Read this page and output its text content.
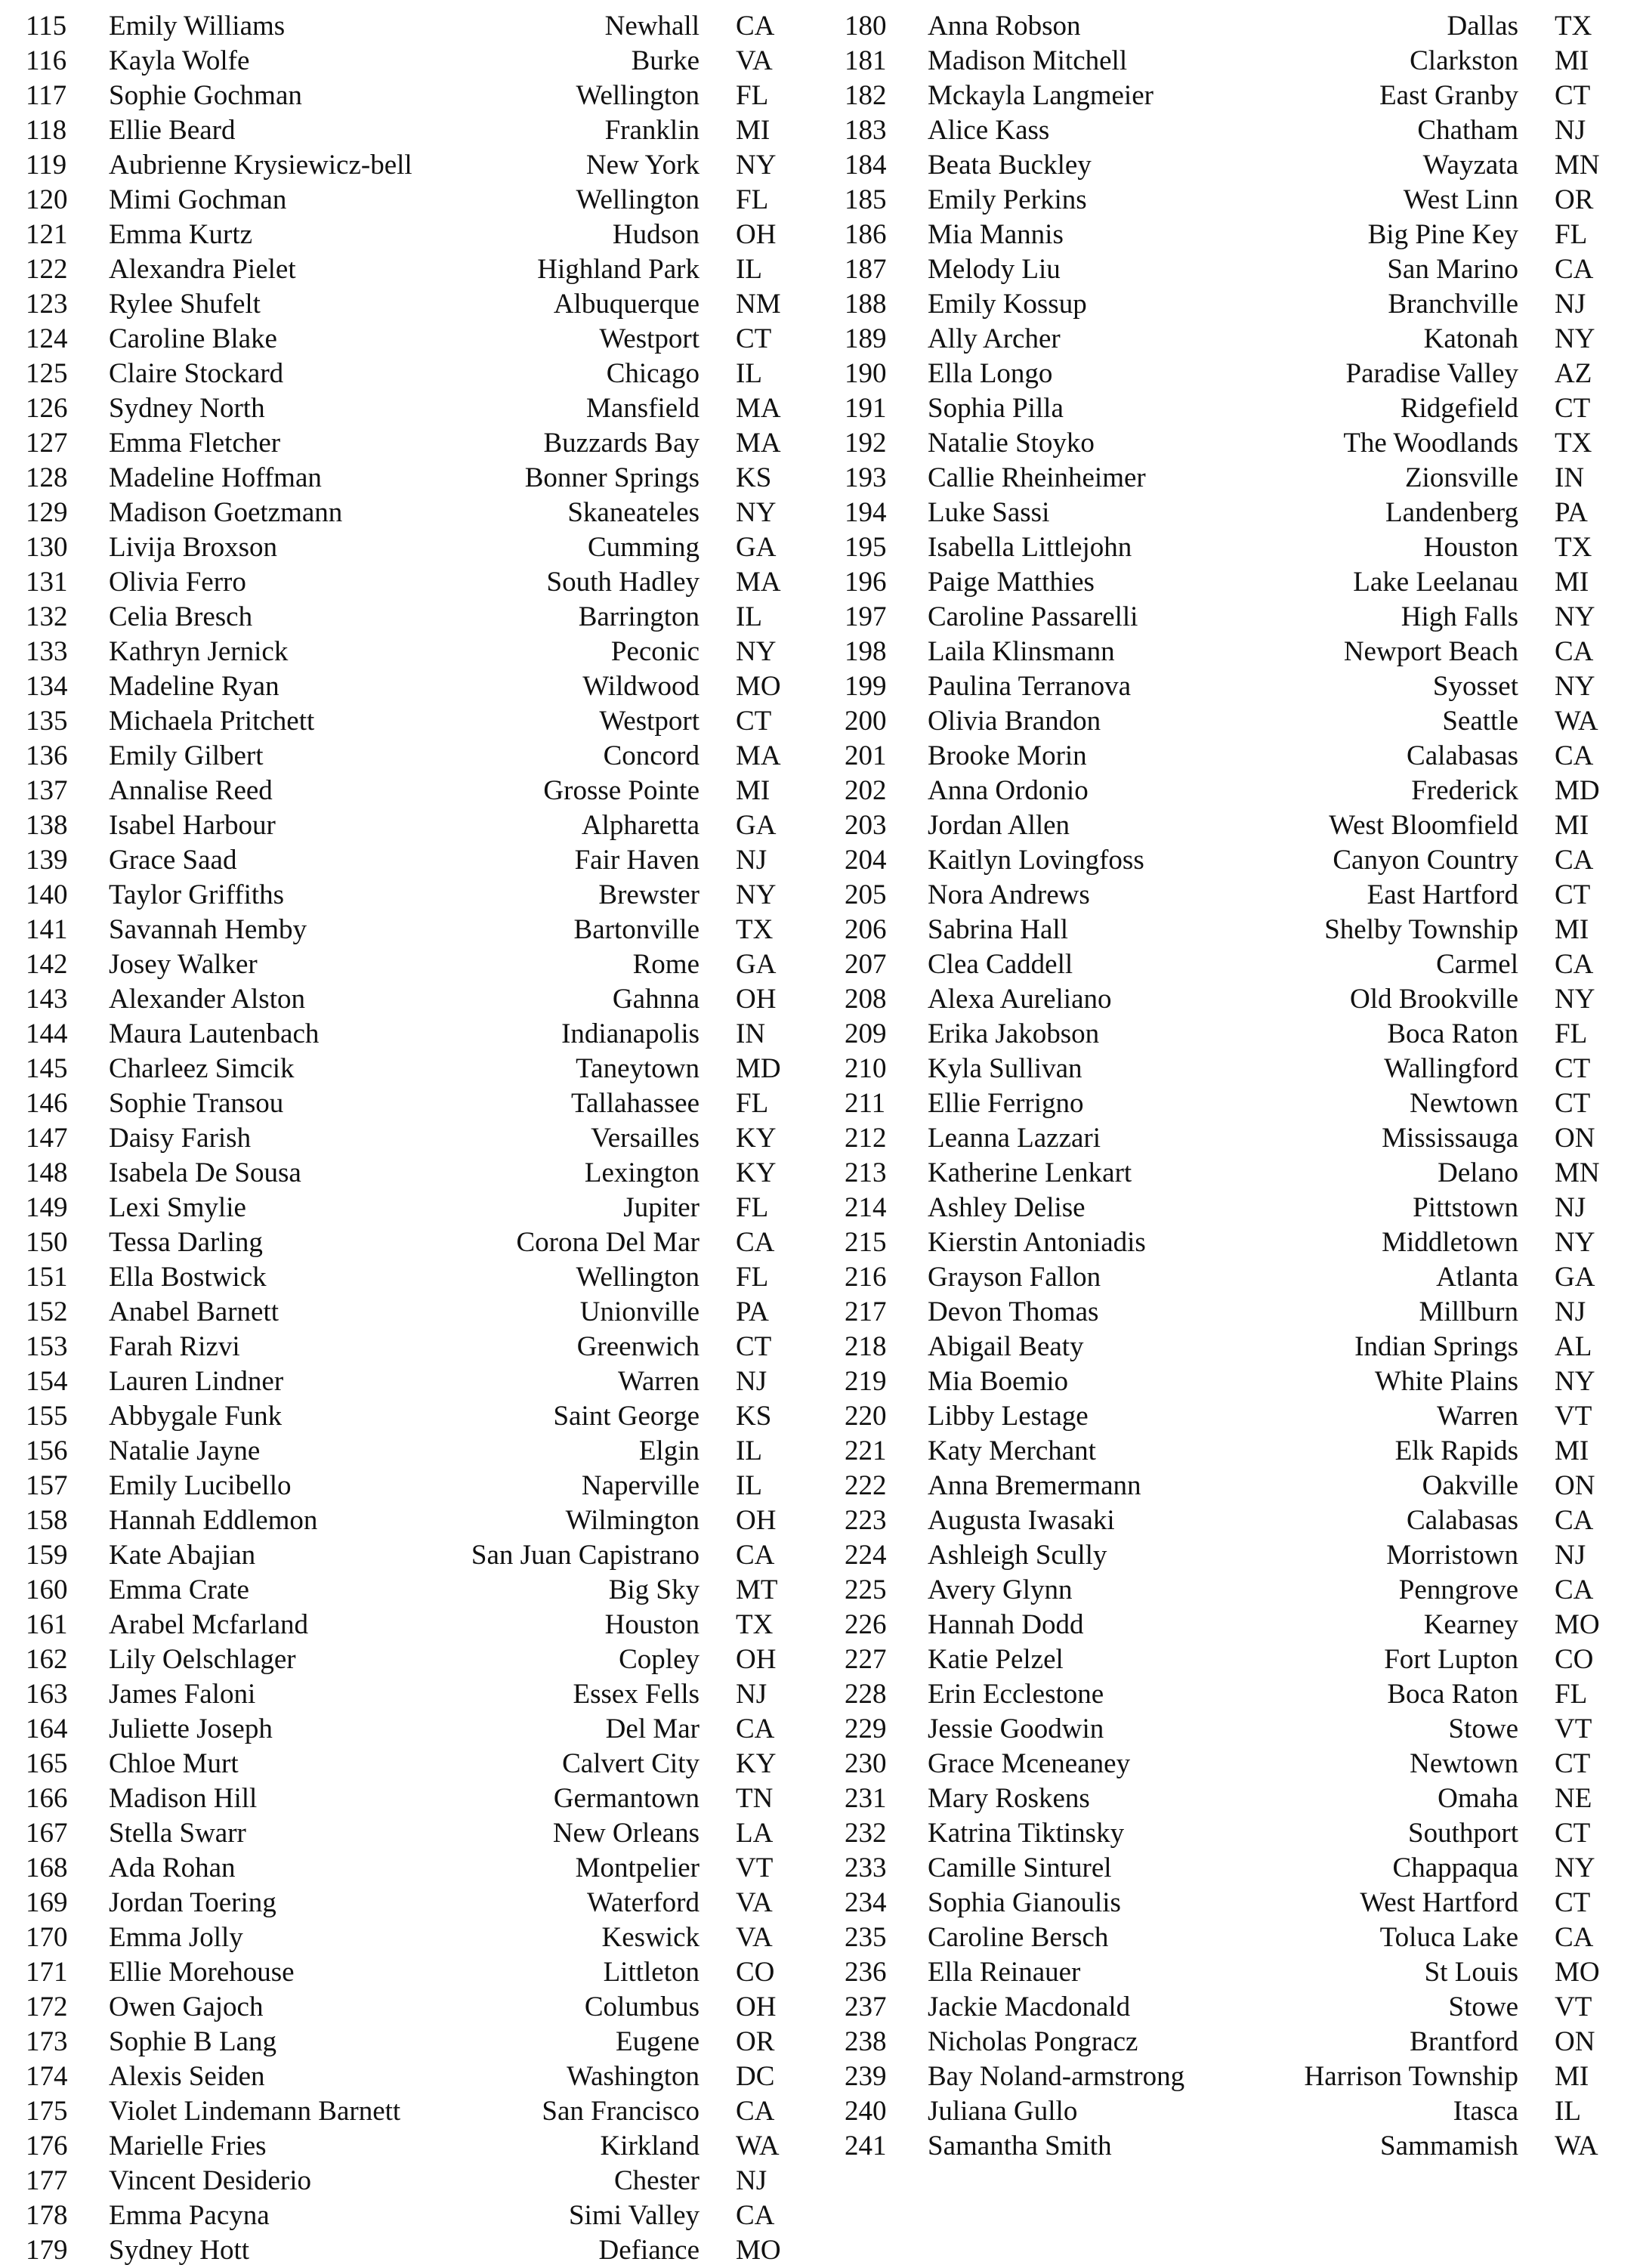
115	Emily Williams	Newhall CA
116	Kayla Wolfe	Burke VA
117	Sophie Gochman	Wellington FL
118	Ellie Beard	Franklin MI
119	Aubrienne Krysiewicz-bell	New York NY
120	Mimi Gochman	Wellington FL
121	Emma Kurtz	Hudson OH
122	Alexandra Pielet	Highland Park IL
123	Rylee Shufelt	Albuquerque NM
124	Caroline Blake	Westport CT
125	Claire Stockard	Chicago IL
126	Sydney North	Mansfield MA
127	Emma Fletcher	Buzzards Bay MA
128	Madeline Hoffman	Bonner Springs KS
129	Madison Goetzmann	Skaneateles NY
130	Livija Broxson	Cumming GA
131	Olivia Ferro	South Hadley MA
132	Celia Bresch	Barrington IL
133	Kathryn Jernick	Peconic NY
134	Madeline Ryan	Wildwood MO
135	Michaela Pritchett	Westport CT
136	Emily Gilbert	Concord MA
137	Annalise Reed	Grosse Pointe MI
138	Isabel Harbour	Alpharetta GA
139	Grace Saad	Fair Haven NJ
140	Taylor Griffiths	Brewster NY
141	Savannah Hemby	Bartonville TX
142	Josey Walker	Rome GA
143	Alexander Alston	Gahnna OH
144	Maura Lautenbach	Indianapolis IN
145	Charleez Simcik	Taneytown MD
146	Sophie Transou	Tallahassee FL
147	Daisy Farish	Versailles KY
148	Isabela De Sousa	Lexington KY
149	Lexi Smylie	Jupiter FL
150	Tessa Darling	Corona Del Mar CA
151	Ella Bostwick	Wellington FL
152	Anabel Barnett	Unionville PA
153	Farah Rizvi	Greenwich CT
154	Lauren Lindner	Warren NJ
155	Abbygale Funk	Saint George KS
156	Natalie Jayne	Elgin IL
157	Emily Lucibello	Naperville IL
158	Hannah Eddlemon	Wilmington OH
159	Kate Abajian	San Juan Capistrano CA
160	Emma Crate	Big Sky MT
161	Arabel Mcfarland	Houston TX
162	Lily Oelschlager	Copley OH
163	James Faloni	Essex Fells NJ
164	Juliette Joseph	Del Mar CA
165	Chloe Murt	Calvert City KY
166	Madison Hill	Germantown TN
167	Stella Swarr	New Orleans LA
168	Ada Rohan	Montpelier VT
169	Jordan Toering	Waterford VA
170	Emma Jolly	Keswick VA
171	Ellie Morehouse	Littleton CO
172	Owen Gajoch	Columbus OH
173	Sophie B Lang	Eugene OR
174	Alexis Seiden	Washington DC
175	Violet Lindemann Barnett	San Francisco CA
176	Marielle Fries	Kirkland WA
177	Vincent Desiderio	Chester NJ
178	Emma Pacyna	Simi Valley CA
179	Sydney Hott	Defiance MO
180	Anna Robson	Dallas TX
181	Madison Mitchell	Clarkston MI
182	Mckayla Langmeier	East Granby CT
183	Alice Kass	Chatham NJ
184	Beata Buckley	Wayzata MN
185	Emily Perkins	West Linn OR
186	Mia Mannis	Big Pine Key FL
187	Melody Liu	San Marino CA
188	Emily Kossup	Branchville NJ
189	Ally Archer	Katonah NY
190	Ella Longo	Paradise Valley AZ
191	Sophia Pilla	Ridgefield CT
192	Natalie Stoyko	The Woodlands TX
193	Callie Rheinheimer	Zionsville IN
194	Luke Sassi	Landenberg PA
195	Isabella Littlejohn	Houston TX
196	Paige Matthies	Lake Leelanau MI
197	Caroline Passarelli	High Falls NY
198	Laila Klinsmann	Newport Beach CA
199	Paulina Terranova	Syosset NY
200	Olivia Brandon	Seattle WA
201	Brooke Morin	Calabasas CA
202	Anna Ordonio	Frederick MD
203	Jordan Allen	West Bloomfield MI
204	Kaitlyn Lovingfoss	Canyon Country CA
205	Nora Andrews	East Hartford CT
206	Sabrina Hall	Shelby Township MI
207	Clea Caddell	Carmel CA
208	Alexa Aureliano	Old Brookville NY
209	Erika Jakobson	Boca Raton FL
210	Kyla Sullivan	Wallingford CT
211	Ellie Ferrigno	Newtown CT
212	Leanna Lazzari	Mississauga ON
213	Katherine Lenkart	Delano MN
214	Ashley Delise	Pittstown NJ
215	Kierstin Antoniadis	Middletown NY
216	Grayson Fallon	Atlanta GA
217	Devon Thomas	Millburn NJ
218	Abigail Beaty	Indian Springs AL
219	Mia Boemio	White Plains NY
220	Libby Lestage	Warren VT
221	Katy Merchant	Elk Rapids MI
222	Anna Bremermann	Oakville ON
223	Augusta Iwasaki	Calabasas CA
224	Ashleigh Scully	Morristown NJ
225	Avery Glynn	Penngrove CA
226	Hannah Dodd	Kearney MO
227	Katie Pelzel	Fort Lupton CO
228	Erin Ecclestone	Boca Raton FL
229	Jessie Goodwin	Stowe VT
230	Grace Mceneaney	Newtown CT
231	Mary Roskens	Omaha NE
232	Katrina Tiktinsky	Southport CT
233	Camille Sinturel	Chappaqua NY
234	Sophia Gianoulis	West Hartford CT
235	Caroline Bersch	Toluca Lake CA
236	Ella Reinauer	St Louis MO
237	Jackie Macdonald	Stowe VT
238	Nicholas Pongracz	Brantford ON
239	Bay Noland-armstrong	Harrison Township MI
240	Juliana Gullo	Itasca IL
241	Samantha Smith	Sammamish WA
